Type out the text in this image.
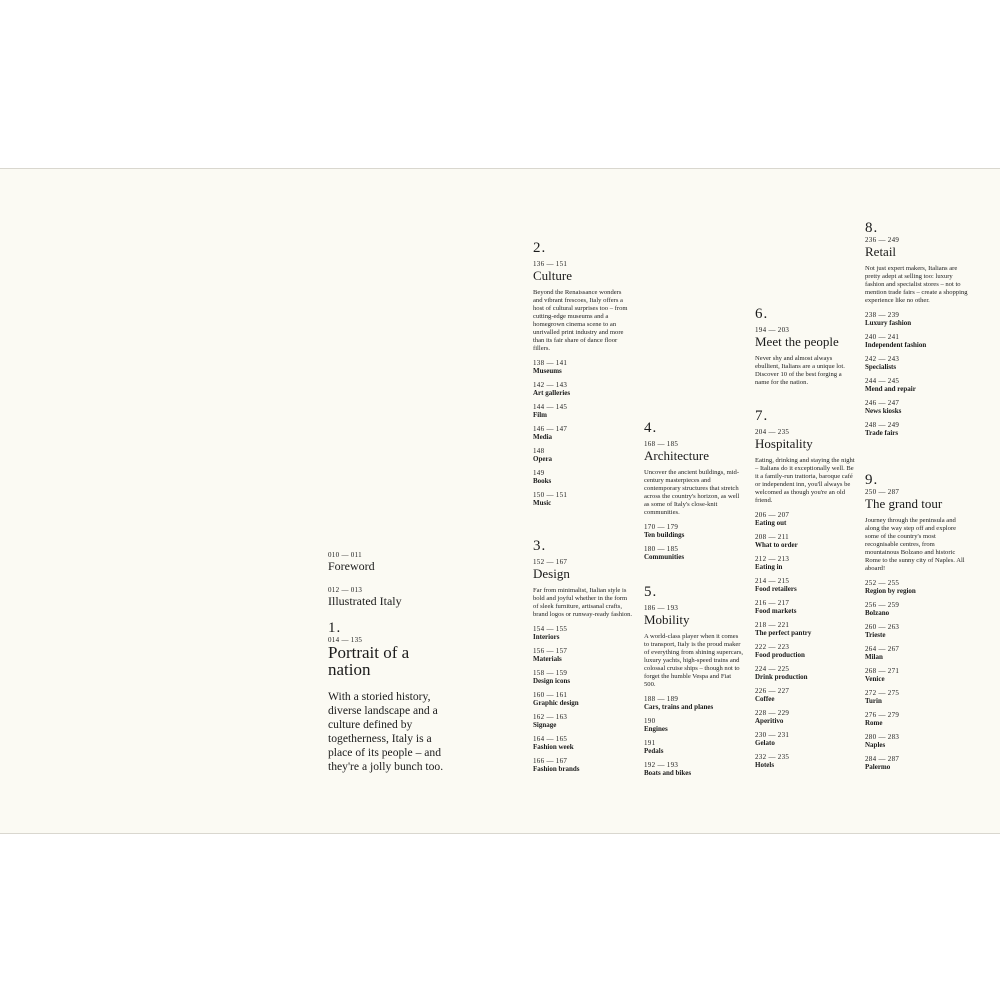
010 — 011
Foreword
012 — 013
Illustrated Italy
1.
014 — 135
Portrait of a nation
With a storied history, diverse landscape and a culture defined by togetherness, Italy is a place of its people – and they're a jolly bunch too.
2.
136 — 151
Culture
Beyond the Renaissance wonders and vibrant frescoes, Italy offers a host of cultural surprises too – from cutting-edge museums and a homegrown cinema scene to an unrivalled print industry and more than its fair share of dance floor fillers.
138 — 141
Museums
142 — 143
Art galleries
144 — 145
Film
146 — 147
Media
148
Opera
149
Books
150 — 151
Music
3.
152 — 167
Design
Far from minimalist, Italian style is bold and joyful whether in the form of sleek furniture, artisanal crafts, brand logos or runway-ready fashion.
154 — 155
Interiors
156 — 157
Materials
158 — 159
Design icons
160 — 161
Graphic design
162 — 163
Signage
164 — 165
Fashion week
166 — 167
Fashion brands
4.
168 — 185
Architecture
Uncover the ancient buildings, mid-century masterpieces and contemporary structures that stretch across the country's horizon, as well as some of Italy's close-knit communities.
170 — 179
Ten buildings
180 — 185
Communities
5.
186 — 193
Mobility
A world-class player when it comes to transport, Italy is the proud maker of everything from shining supercars, luxury yachts, high-speed trains and colossal cruise ships – though not to forget the humble Vespa and Fiat 500.
188 — 189
Cars, trains and planes
190
Engines
191
Pedals
192 — 193
Boats and bikes
6.
194 — 203
Meet the people
Never shy and almost always ebullient, Italians are a unique lot. Discover 10 of the best forging a name for the nation.
7.
204 — 235
Hospitality
Eating, drinking and staying the night – Italians do it exceptionally well. Be it a family-run trattoria, baroque café or independent inn, you'll always be welcomed as though you're an old friend.
206 — 207
Eating out
208 — 211
What to order
212 — 213
Eating in
214 — 215
Food retailers
216 — 217
Food markets
218 — 221
The perfect pantry
222 — 223
Food production
224 — 225
Drink production
226 — 227
Coffee
228 — 229
Aperitivo
230 — 231
Gelato
232 — 235
Hotels
8.
236 — 249
Retail
Not just expert makers, Italians are pretty adept at selling too: luxury fashion and specialist stores – not to mention trade fairs – create a shopping experience like no other.
238 — 239
Luxury fashion
240 — 241
Independent fashion
242 — 243
Specialists
244 — 245
Mend and repair
246 — 247
News kiosks
248 — 249
Trade fairs
9.
250 — 287
The grand tour
Journey through the peninsula and along the way step off and explore some of the country's most recognisable centres, from mountainous Bolzano and historic Rome to the sunny city of Naples. All aboard!
252 — 255
Region by region
256 — 259
Bolzano
260 — 263
Trieste
264 — 267
Milan
268 — 271
Venice
272 — 275
Turin
276 — 279
Rome
280 — 283
Naples
284 — 287
Palermo
